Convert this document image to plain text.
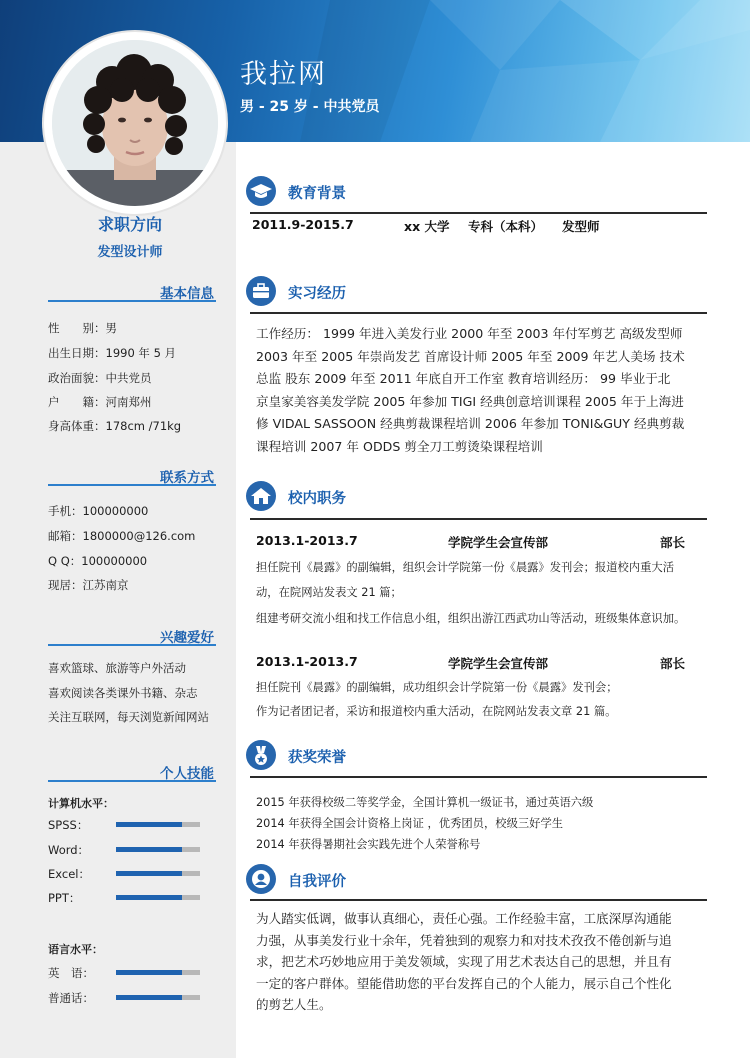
我拉网
男 - 25 岁 - 中共党员
求职方向
发型设计师
基本信息
性　　别：男
出生日期：1990 年 5 月
政治面貌：中共党员
户　　籍：河南郑州
身高体重：178cm /71kg
联系方式
手机：100000000
邮箱：1800000@126.com
Q Q：100000000
现居：江苏南京
兴趣爱好
喜欢篮球、旅游等户外活动
喜欢阅读各类课外书籍、杂志
关注互联网，每天浏览新闻网站
个人技能
计算机水平：
SPSS：
Word：
Excel：
PPT：
语言水平：
英　语：
普通话：
教育背景
2011.9-2015.7	xx 大学 专科（本科） 发型师
实习经历
工作经历： 1999 年进入美发行业 2000 年至 2003 年付军剪艺 高级发型师
2003 年至 2005 年崇尚发艺 首席设计师 2005 年至 2009 年艺人美场 技术
总监 股东 2009 年至 2011 年底自开工作室 教育培训经历： 99 毕业于北
京皇家美容美发学院 2005 年参加 TIGI 经典创意培训课程 2005 年于上海进
修 VIDAL SASSOON 经典剪裁课程培训 2006 年参加 TONI&GUY 经典剪裁
课程培训 2007 年 ODDS 剪全刀工剪烫染课程培训
校内职务
2013.1-2013.7	学院学生会宣传部	部长
担任院刊《晨露》的副编辑，组织会计学院第一份《晨露》发刊会；报道校内重大活
动，在院网站发表文 21 篇；
组建考研交流小组和找工作信息小组，组织出游江西武功山等活动，班级集体意识加。
2013.1-2013.7	学院学生会宣传部	部长
担任院刊《晨露》的副编辑，成功组织会计学院第一份《晨露》发刊会；
作为记者团记者，采访和报道校内重大活动，在院网站发表文章 21 篇。
获奖荣誉
2015 年获得校级二等奖学金，全国计算机一级证书，通过英语六级
2014 年获得全国会计资格上岗证 ，优秀团员，校级三好学生
2014 年获得暑期社会实践先进个人荣誉称号
自我评价
为人踏实低调，做事认真细心，责任心强。工作经验丰富，工底深厚沟通能
力强，从事美发行业十余年，凭着独到的观察力和对技术孜孜不倦创新与追
求，把艺术巧妙地应用于美发领域，实现了用艺术表达自己的思想，并且有
一定的客户群体。望能借助您的平台发挥自己的个人能力，展示自己个性化
的剪艺人生。
